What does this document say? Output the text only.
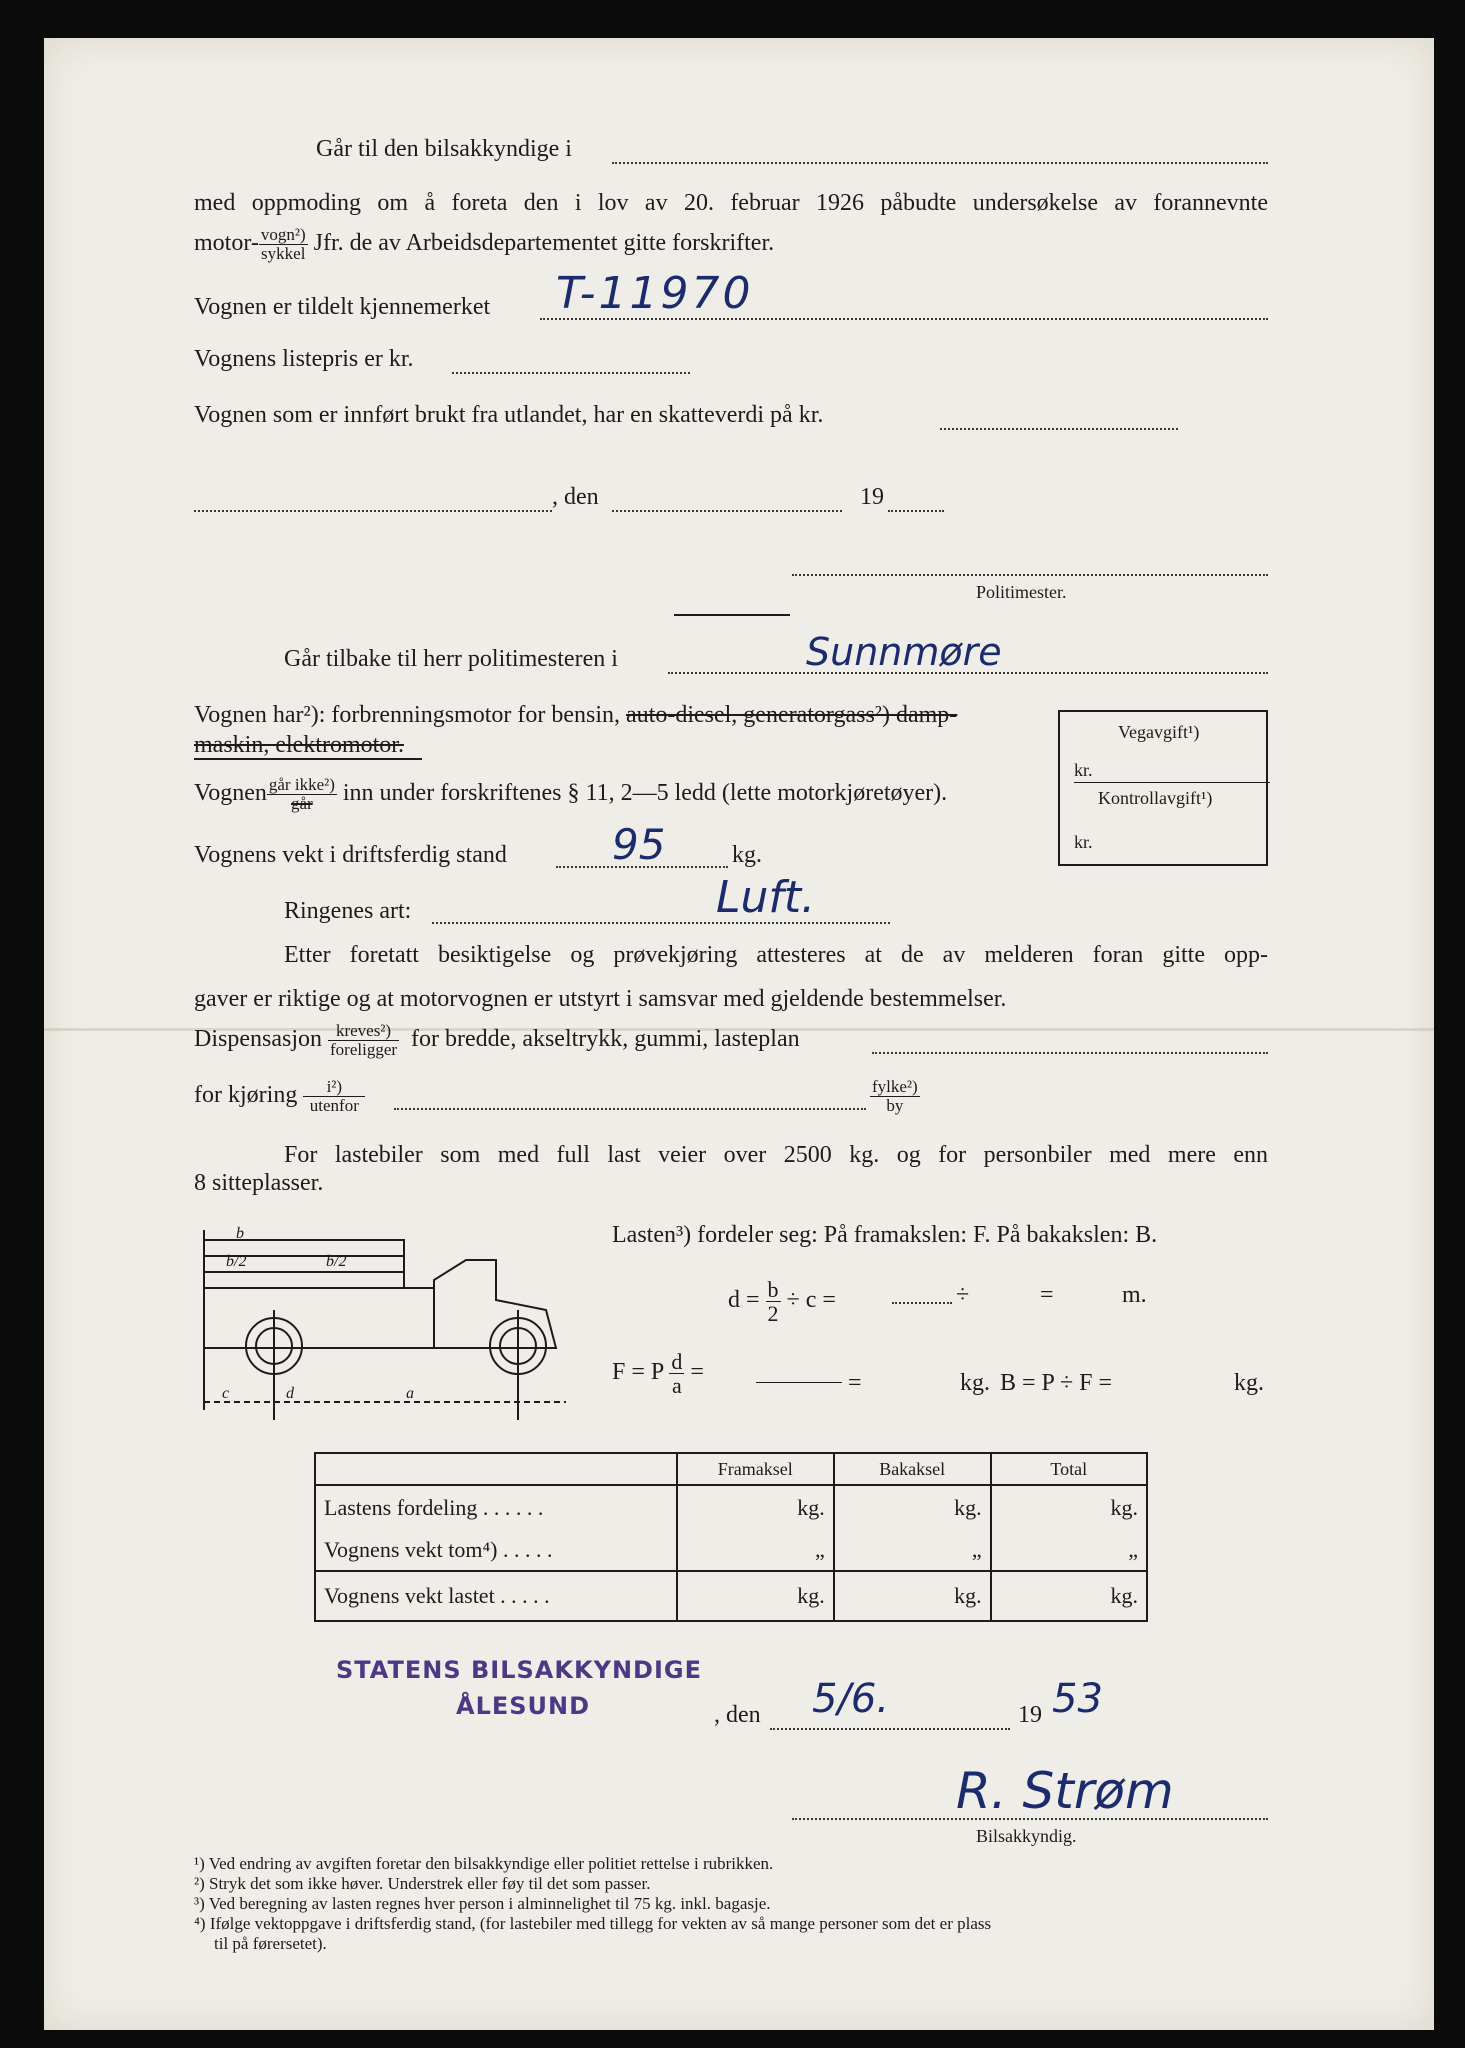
Går til den bilsakkyndige i
med oppmoding om å foreta den i lov av 20. februar 1926 påbudte undersøkelse av forannevnte
motor- $\frac{\text{vogn²)}}{\text{sykkel}}$ Jfr. de av Arbeidsdepartementet gitte forskrifter.
Vognen er tildelt kjennemerket T-11970
Vognens listepris er kr.
Vognen som er innført brukt fra utlandet, har en skatteverdi på kr.
, den	19
Politimester.
Går tilbake til herr politimesteren i	Sunnmøre
Vognen har²): forbrenningsmotor for bensin, auto-diesel, generatorgass²) damp-
maskin, elektromotor.	Vegavgift¹)
kr.
Kontrollavgift¹)
kr.
Vognen $\frac{\text{går ikke²)}}{\text{går}}$ inn under forskriftenes § 11, 2—5 ledd (lette motorkjøretøyer).
Vognens vekt i driftsferdig stand	95	kg.
Ringenes art:	Luft.
Etter foretatt besiktigelse og prøvekjøring attesteres at de av melderen foran gitte opp-
gaver er riktige og at motorvognen er utstyrt i samsvar med gjeldende bestemmelser.
Dispensasjon $\frac{\text{kreves²)}}{\text{foreligger}}$ for bredde, akseltrykk, gummi, lasteplan
for kjøring $\frac{\text{i²)}}{\text{utenfor}}$	$\frac{\text{fylke²)}}{by}$
For lastebiler som med full last veier over 2500 kg. og for personbiler med mere enn
8 sitteplasser.
b
b/2	b/2
c	d	a
Lasten³) fordeler seg: På framakslen: F. På bakakslen: B.
$d = \frac{b}{2} \div c$ =	÷	=	m.
F = P $\frac{d}{a}$ =	=	kg. B = P ÷ F =	kg.
	Framaksel	Bakaksel	Total
Lastens fordeling . . . . . .	kg.	kg.	kg.
Vognens vekt tom⁴) . . . . .	„	„	„
Vognens vekt lastet . . . . .	kg.	kg.	kg.
STATENS BILSAKKYNDIGE
ÅLESUND	, den 5/6.	19 53
R. Strøm
Bilsakkyndig.
¹) Ved endring av avgiften foretar den bilsakkyndige eller politiet rettelse i rubrikken.
²) Stryk det som ikke høver. Understrek eller føy til det som passer.
³) Ved beregning av lasten regnes hver person i alminnelighet til 75 kg. inkl. bagasje.
⁴) Ifølge vektoppgave i driftsferdig stand, (for lastebiler med tillegg for vekten av så mange personer som det er plass
til på førersetet).
